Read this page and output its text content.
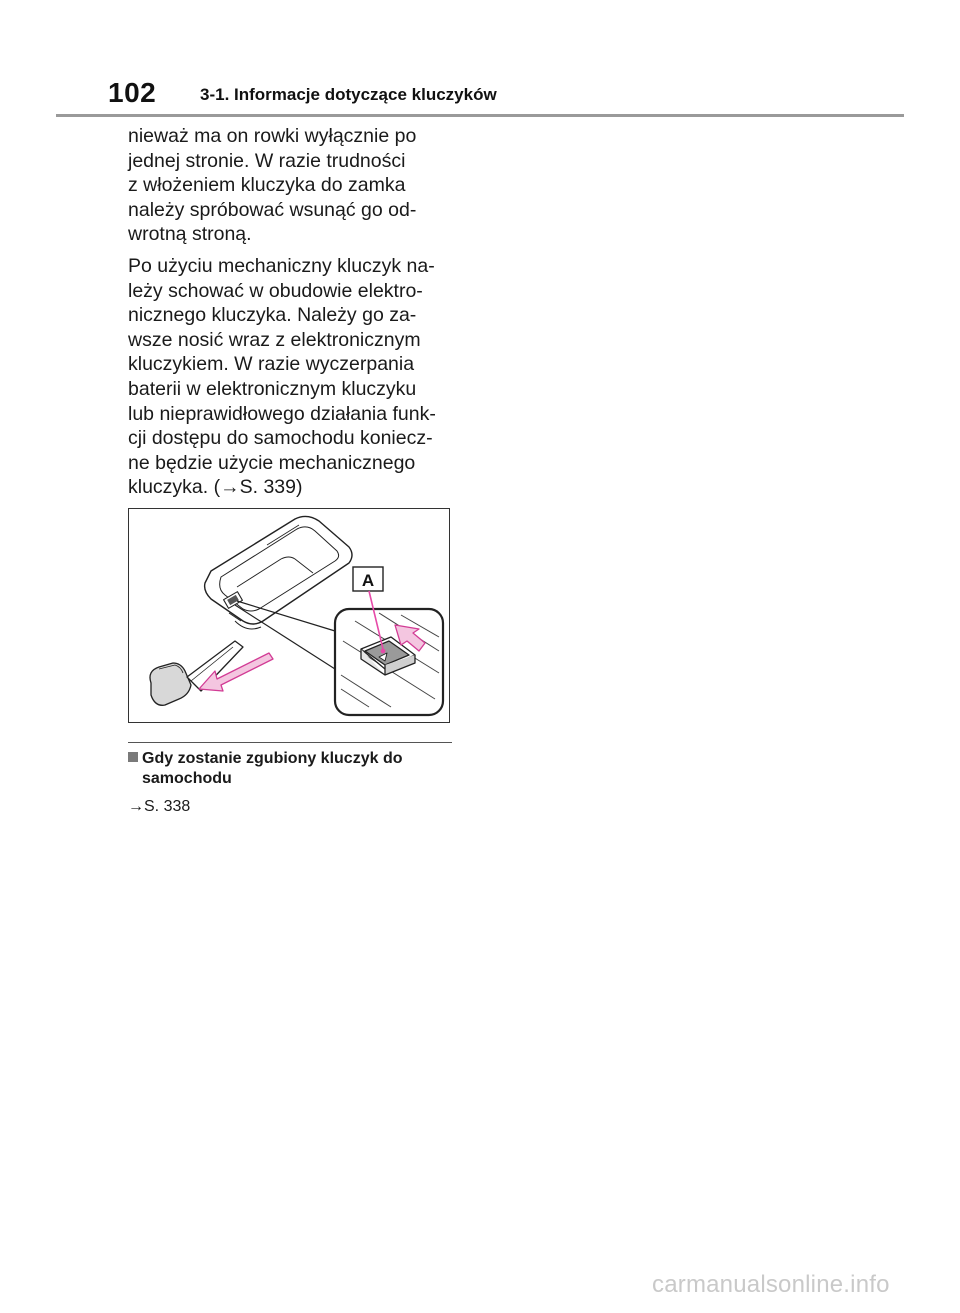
102	3-1. Informacje dotyczące kluczyków

nieważ ma on rowki wyłącznie po
jednej stronie. W razie trudności
z włożeniem kluczyka do zamka
należy spróbować wsunąć go od-
wrotną stroną.

Po użyciu mechaniczny kluczyk na-
leży schować w obudowie elektro-
nicznego kluczyka. Należy go za-
wsze nosić wraz z elektronicznym
kluczykiem. W razie wyczerpania
baterii w elektronicznym kluczyku
lub nieprawidłowego działania funk-
cji dostępu do samochodu koniecz-
ne będzie użycie mechanicznego
kluczyka. (→S. 339)

A
Gdy zostanie zgubiony kluczyk do
samochodu
→S. 338
carmanualsonline.info
